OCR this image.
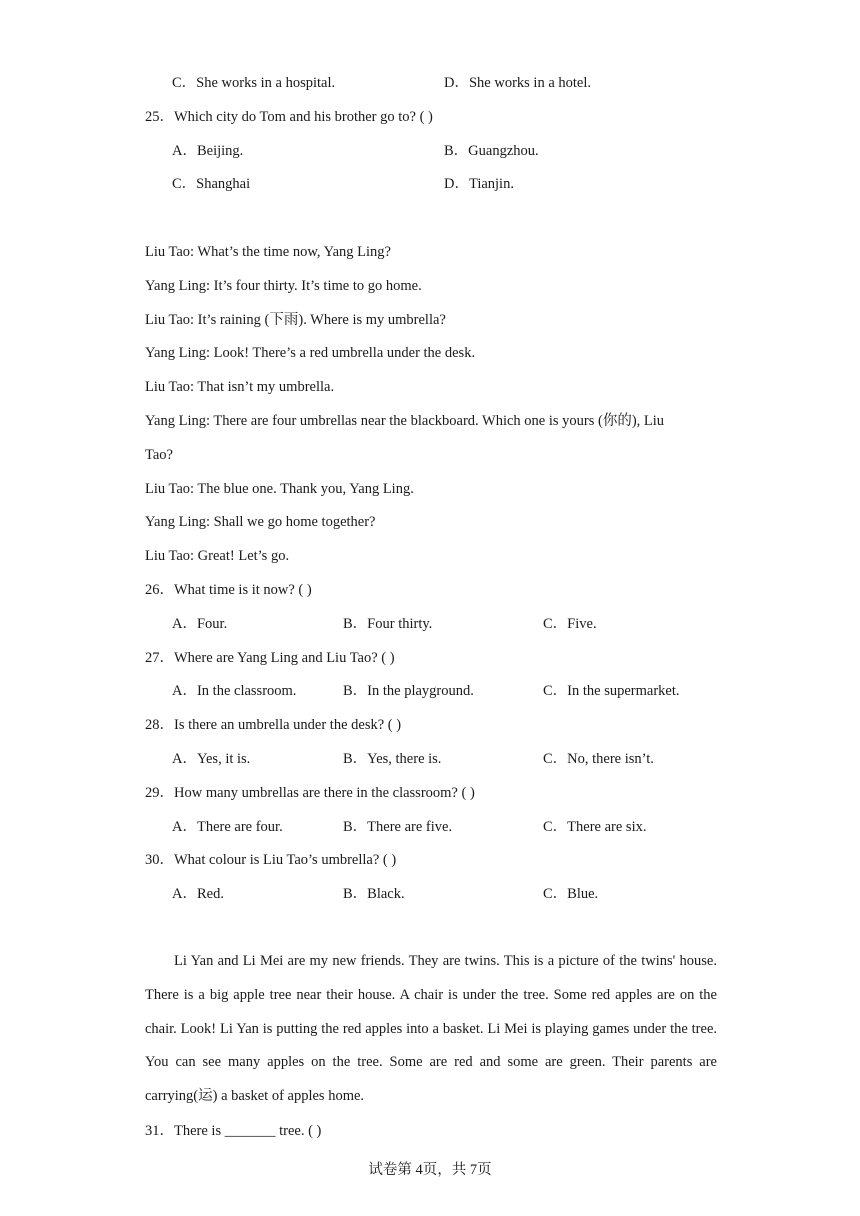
C．She works in a hospital.	D．She works in a hotel.
25．Which city do Tom and his brother go to? ( )
A．Beijing.	B．Guangzhou.
C．Shanghai	D．Tianjin.
Liu Tao: What’s the time now, Yang Ling?
Yang Ling: It’s four thirty. It’s time to go home.
Liu Tao: It’s raining (下雨). Where is my umbrella?
Yang Ling: Look! There’s a red umbrella under the desk.
Liu Tao: That isn’t my umbrella.
Yang Ling: There are four umbrellas near the blackboard. Which one is yours (你的), Liu
Tao?
Liu Tao: The blue one. Thank you, Yang Ling.
Yang Ling: Shall we go home together?
Liu Tao: Great! Let’s go.
26．What time is it now? ( )
A．Four.	B．Four thirty.	C．Five.
27．Where are Yang Ling and Liu Tao? ( )
A．In the classroom.	B．In the playground.	C．In the supermarket.
28．Is there an umbrella under the desk? ( )
A．Yes, it is.	B．Yes, there is.	C．No, there isn’t.
29．How many umbrellas are there in the classroom? ( )
A．There are four.	B．There are five.	C．There are six.
30．What colour is Liu Tao’s umbrella? ( )
A．Red.	B．Black.	C．Blue.
Li Yan and Li Mei are my new friends. They are twins. This is a picture of the twins' house. There is a big apple tree near their house. A chair is under the tree. Some red apples are on the chair. Look! Li Yan is putting the red apples into a basket. Li Mei is playing games under the tree. You can see many apples on the tree. Some are red and some are green. Their parents are carrying(运) a basket of apples home.
31．There is _______ tree. ( )
试卷第 4页，共 7页
